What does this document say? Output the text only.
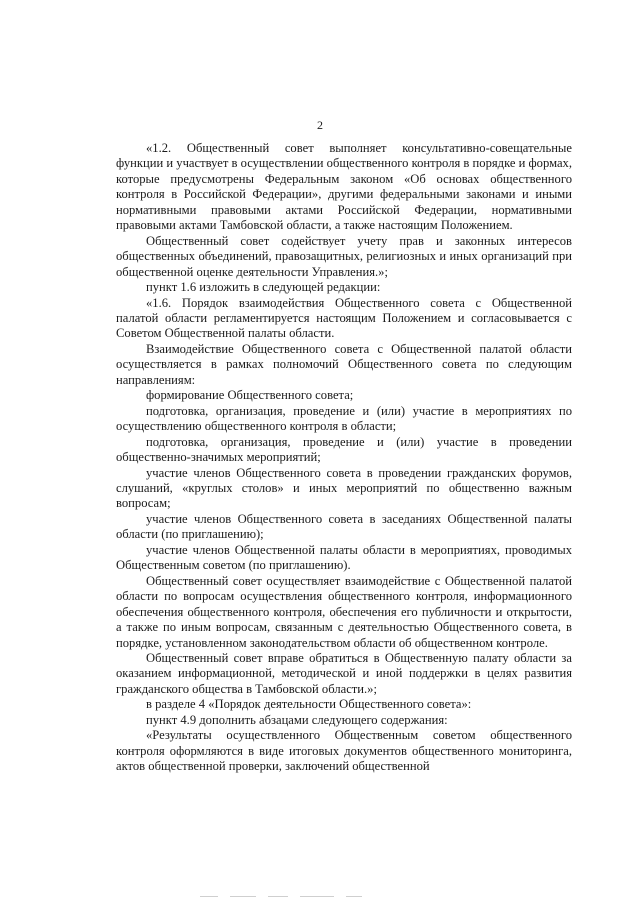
2

«1.2. Общественный совет выполняет консультативно-совещательные функции и участвует в осуществлении общественного контроля в порядке и формах, которые предусмотрены Федеральным законом «Об основах общественного контроля в Российской Федерации», другими федеральными законами и иными нормативными правовыми актами Российской Федерации, нормативными правовыми актами Тамбовской области, а также настоящим Положением.

Общественный совет содействует учету прав и законных интересов общественных объединений, правозащитных, религиозных и иных организаций при общественной оценке деятельности Управления.»;

пункт 1.6 изложить в следующей редакции:

«1.6. Порядок взаимодействия Общественного совета с Общественной палатой области регламентируется настоящим Положением и согласовывается с Советом Общественной палаты области.

Взаимодействие Общественного совета с Общественной палатой области осуществляется в рамках полномочий Общественного совета по следующим направлениям:

формирование Общественного совета;

подготовка, организация, проведение и (или) участие в мероприятиях по осуществлению общественного контроля в области;

подготовка, организация, проведение и (или) участие в проведении общественно-значимых мероприятий;

участие членов Общественного совета в проведении гражданских форумов, слушаний, «круглых столов» и иных мероприятий по общественно важным вопросам;

участие членов Общественного совета в заседаниях Общественной палаты области (по приглашению);

участие членов Общественной палаты области в мероприятиях, проводимых Общественным советом (по приглашению).

Общественный совет осуществляет взаимодействие с Общественной палатой области по вопросам осуществления общественного контроля, информационного обеспечения общественного контроля, обеспечения его публичности и открытости, а также по иным вопросам, связанным с деятельностью Общественного совета, в порядке, установленном законодательством области об общественном контроле.

Общественный совет вправе обратиться в Общественную палату области за оказанием информационной, методической и иной поддержки в целях развития гражданского общества в Тамбовской области.»;

в разделе 4 «Порядок деятельности Общественного совета»:

пункт 4.9 дополнить абзацами следующего содержания:

«Результаты осуществленного Общественным советом общественного контроля оформляются в виде итоговых документов общественного мониторинга, актов общественной проверки, заключений общественной
